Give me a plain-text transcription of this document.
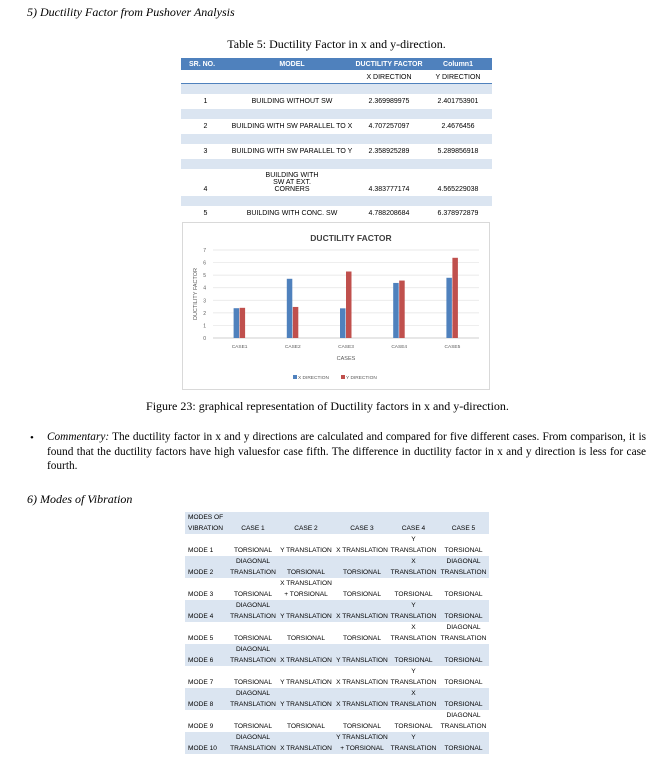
5) Ductility Factor from Pushover Analysis
Table 5: Ductility Factor in x and y-direction.
SR. NO.	MODEL	DUCTILITY FACTOR	Column1
		X DIRECTION	Y DIRECTION

1	BUILDING WITHOUT SW	2.369989975	2.401753901

2	BUILDING WITH SW PARALLEL TO X	4.707257097	2.4676456

3	BUILDING WITH SW PARALLEL TO Y	2.358925289	5.289856918

4	BUILDING WITH SW AT EXT. CORNERS	4.383777174	4.565229038

5	BUILDING WITH CONC. SW	4.788208684	6.378972879
DUCTILITY FACTOR
0
1
2
3
4
5
6
7
DUCTILITY FACTOR
CASE1	CASE2	CASE3	CASE4	CASE5
CASES
X DIRECTION	Y DIRECTION
Figure 23: graphical representation of Ductility factors in x and y-direction.
• Commentary: The ductility factor in x and y directions are calculated and compared for five different cases. From comparison, it is found that the ductility factors have high valuesfor case fifth. The difference in ductility factor in x and y direction is less for case fourth.
6) Modes of Vibration
MODES OF VIBRATION	CASE 1	CASE 2	CASE 3	CASE 4	CASE 5
MODE 1	TORSIONAL	Y TRANSLATION	X TRANSLATION	Y TRANSLATION	TORSIONAL
MODE 2	DIAGONAL TRANSLATION	TORSIONAL	TORSIONAL	X TRANSLATION	DIAGONAL TRANSLATION
MODE 3	TORSIONAL	X TRANSLATION + TORSIONAL	TORSIONAL	TORSIONAL	TORSIONAL
MODE 4	DIAGONAL TRANSLATION	Y TRANSLATION	X TRANSLATION	Y TRANSLATION	TORSIONAL
MODE 5	TORSIONAL	TORSIONAL	TORSIONAL	X TRANSLATION	DIAGONAL TRANSLATION
MODE 6	DIAGONAL TRANSLATION	X TRANSLATION	Y TRANSLATION	TORSIONAL	TORSIONAL
MODE 7	TORSIONAL	Y TRANSLATION	X TRANSLATION	Y TRANSLATION	TORSIONAL
MODE 8	DIAGONAL TRANSLATION	Y TRANSLATION	X TRANSLATION	X TRANSLATION	TORSIONAL
MODE 9	TORSIONAL	TORSIONAL	TORSIONAL	TORSIONAL	DIAGONAL TRANSLATION
MODE 10	DIAGONAL TRANSLATION	X TRANSLATION	Y TRANSLATION + TORSIONAL	Y TRANSLATION	TORSIONAL
